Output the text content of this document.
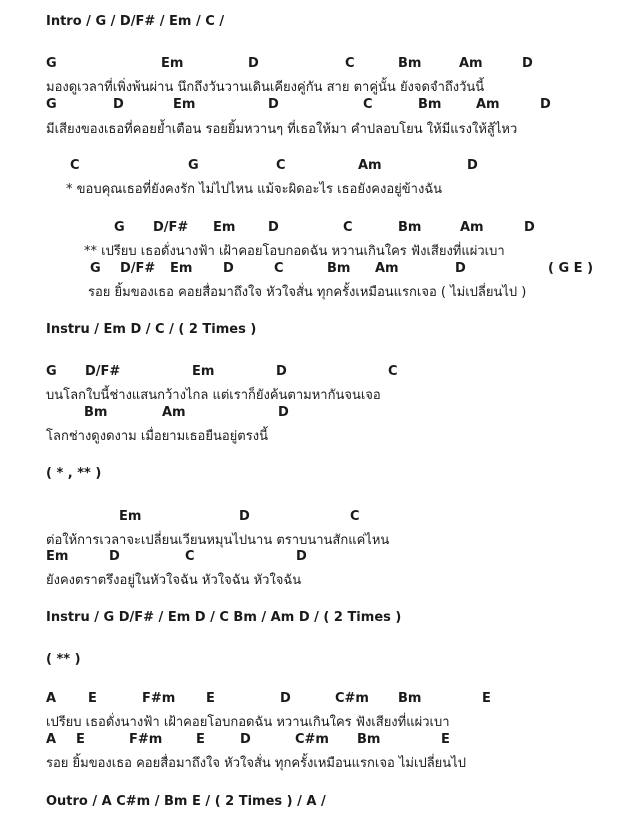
Intro / G / D/F# / Em / C /
G	Em	D	C	Bm	Am	D
มองดูเวลาที่เพิ่งพ้นผ่าน นึกถึงวันวานเดินเคียงคู่กัน สาย ตาคู่นั้น ยังจดจำถึงวันนี้
G	D	Em	D	C	Bm	Am	D
มีเสียงของเธอที่คอยย้ำเตือน รอยยิ้มหวานๆ ที่เธอให้มา คำปลอบโยน ให้มีแรงให้สู้ไหว
C	G	C	Am	D
* ขอบคุณเธอที่ยังคงรัก ไม่ไปไหน แม้จะผิดอะไร เธอยังคงอยู่ข้างฉัน
G D/F# Em	D	C	Bm	Am	D
** เปรียบ เธอดั่งนางฟ้า เฝ้าคอยโอบกอดฉัน หวานเกินใคร ฟังเสียงที่แผ่วเบา
G D/F# Em D	C	Bm Am	D	( G E )
รอย ยิ้มของเธอ คอยสื่อมาถึงใจ หัวใจสั่น ทุกครั้งเหมือนแรกเจอ ( ไม่เปลี่ยนไป )
Instru / Em D / C / ( 2 Times )
G D/F#	Em	D	C
บนโลกใบนี้ช่างแสนกว้างไกล แต่เราก็ยังค้นตามหากันจนเจอ
Bm	Am	D
โลกช่างดูงดงาม เมื่อยามเธอยืนอยู่ตรงนี้
( * , ** )
Em	D	C
ต่อให้การเวลาจะเปลี่ยนเวียนหมุนไปนาน ตราบนานสักแค่ไหน
Em	D	C	D
ยังคงตราตรึงอยู่ในหัวใจฉัน หัวใจฉัน หัวใจฉัน
Instru / G D/F# / Em D / C Bm / Am D / ( 2 Times )
( ** )
A E	F#m E	D	C#m Bm	E
เปรียบ เธอดั่งนางฟ้า เฝ้าคอยโอบกอดฉัน หวานเกินใคร ฟังเสียงที่แผ่วเบา
A E	F#m	E	D	C#m Bm	E
รอย ยิ้มของเธอ คอยสื่อมาถึงใจ หัวใจสั่น ทุกครั้งเหมือนแรกเจอ ไม่เปลี่ยนไป
Outro / A C#m / Bm E / ( 2 Times ) / A /
